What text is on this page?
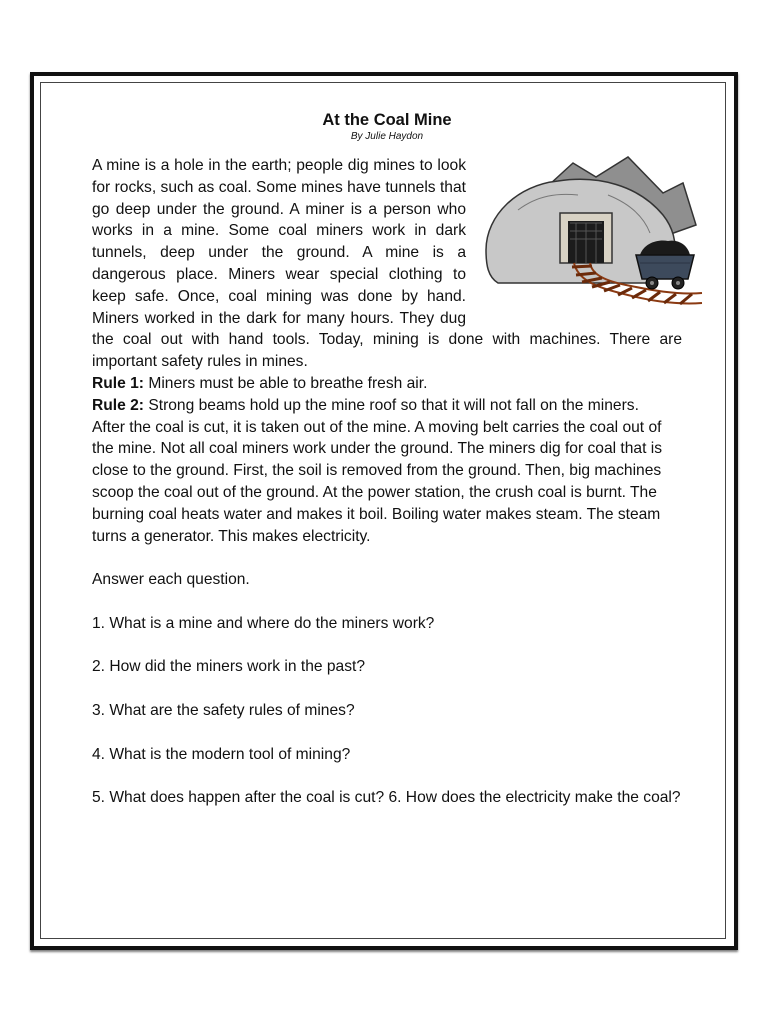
At the Coal Mine

By Julie Haydon

A mine is a hole in the earth; people dig mines to look for rocks, such as coal. Some mines have tunnels that go deep under the ground. A miner is a person who works in a mine. Some coal miners work in dark tunnels, deep under the ground. A mine is a dangerous place. Miners wear special clothing to keep safe. Once, coal mining was done by hand. Miners worked in the dark for many hours. They dug the coal out with hand tools. Today, mining is done with machines. There are important safety rules in mines.

Rule 1: Miners must be able to breathe fresh air.

Rule 2: Strong beams hold up the mine roof so that it will not fall on the miners.

After the coal is cut, it is taken out of the mine. A moving belt carries the coal out of the mine. Not all coal miners work under the ground. The miners dig for coal that is close to the ground. First, the soil is removed from the ground. Then, big machines scoop the coal out of the ground. At the power station, the crush coal is burnt. The burning coal heats water and makes it boil. Boiling water makes steam. The steam turns a generator. This makes electricity.

Answer each question.

1. What is a mine and where do the miners work?

2. How did the miners work in the past?

3. What are the safety rules of mines?

4. What is the modern tool of mining?

5. What does happen after the coal is cut? 6. How does the electricity make the coal?
